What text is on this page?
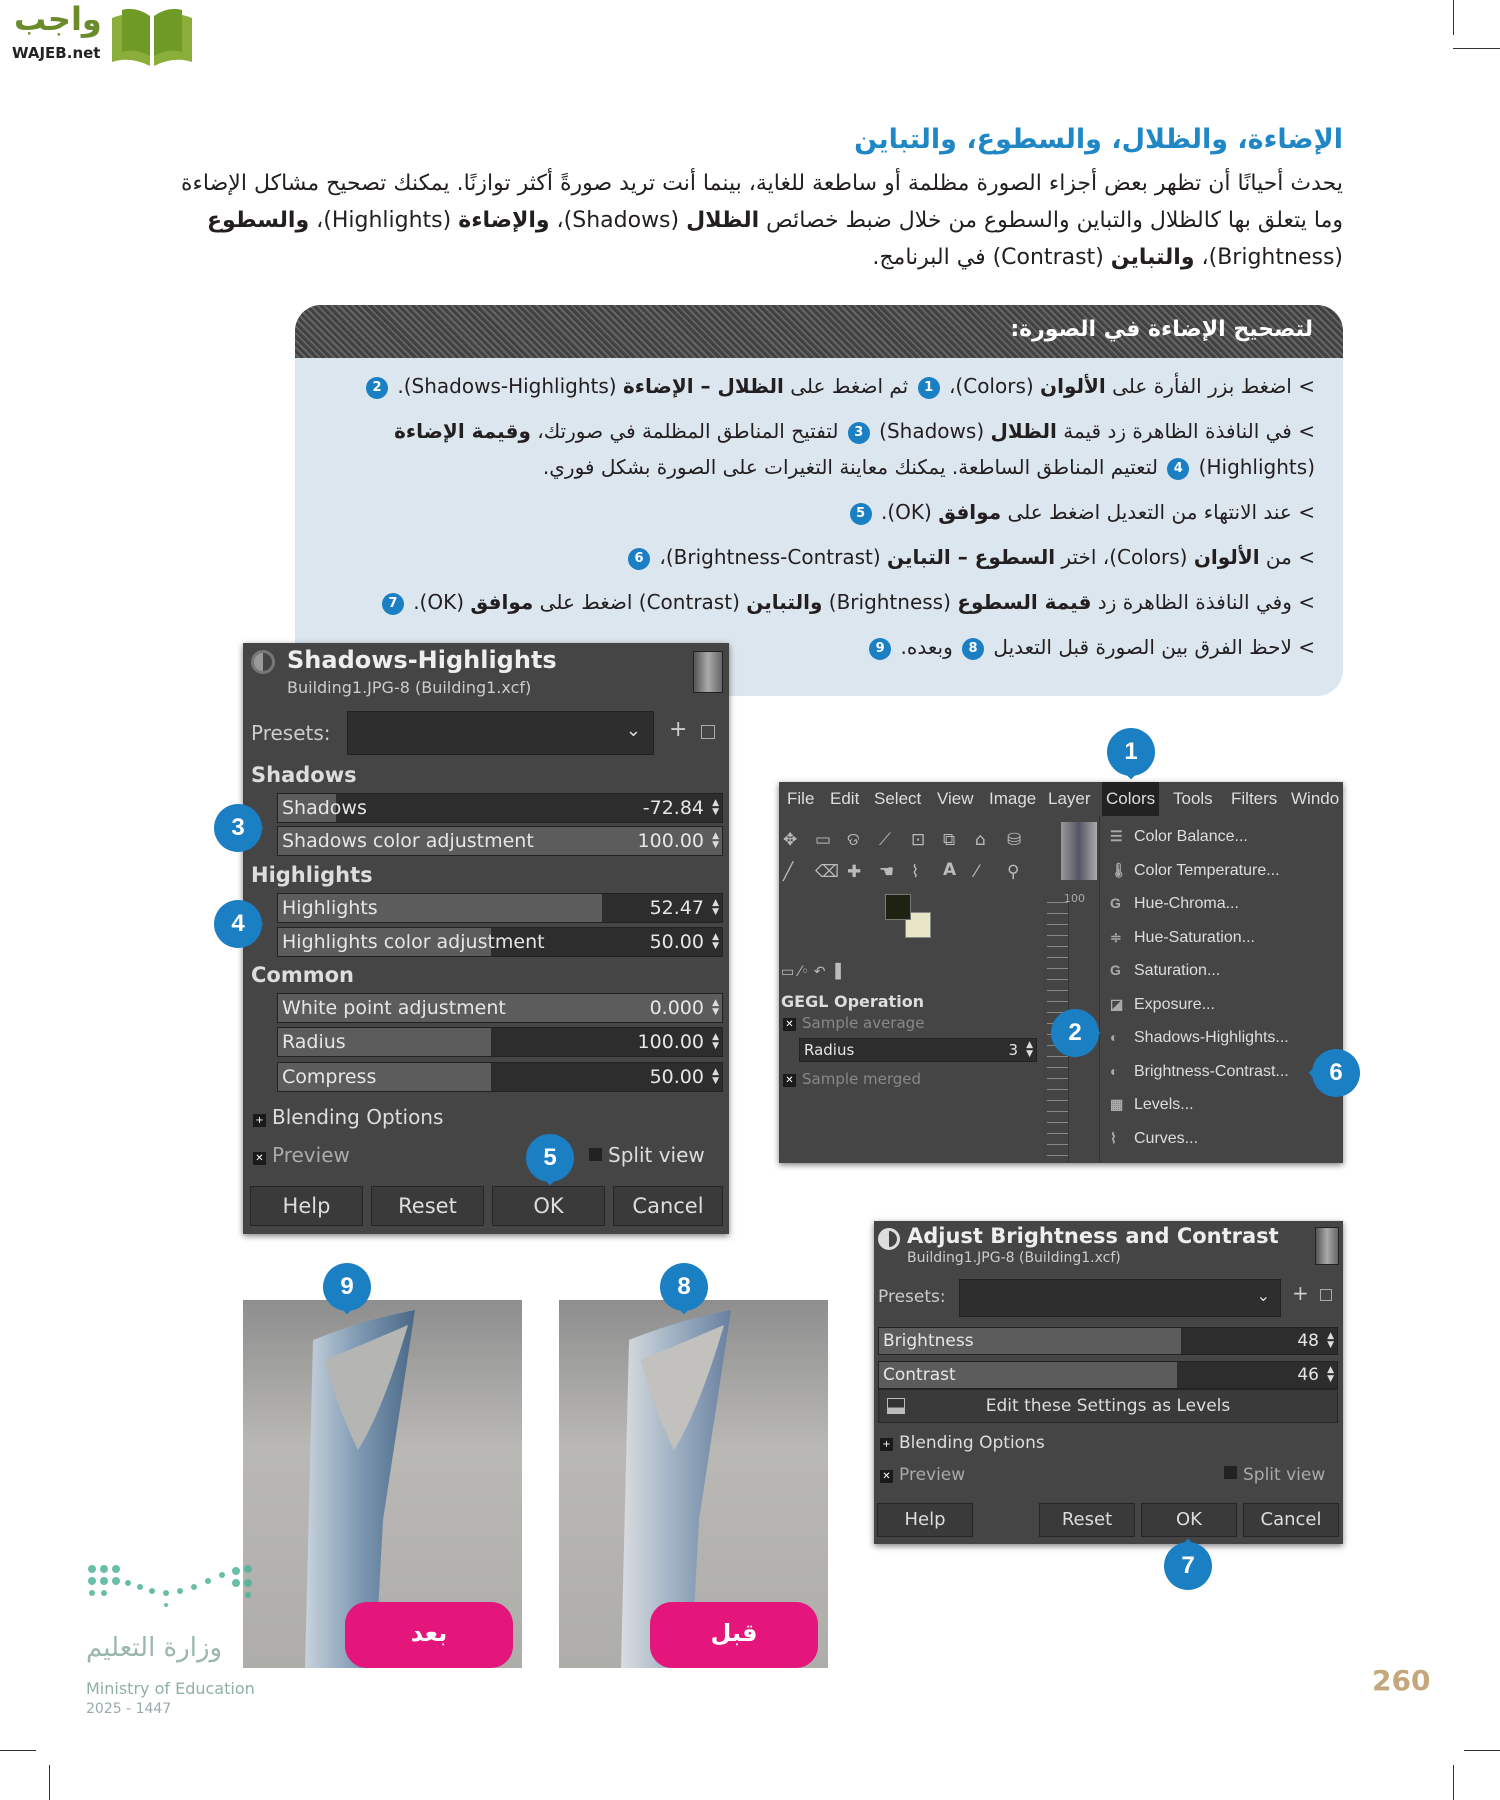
واجب
WAJEB.net
الإضاءة، والظلال، والسطوع، والتباين
يحدث أحيانًا أن تظهر بعض أجزاء الصورة مظلمة أو ساطعة للغاية، بينما أنت تريد صورةً أكثر توازنًا. يمكنك تصحيح مشاكل الإضاءة
وما يتعلق بها كالظلال والتباين والسطوع من خلال ضبط خصائص الظلال (Shadows)، والإضاءة (Highlights)، والسطوع
(Brightness)، والتباين (Contrast) في البرنامج.
لتصحيح الإضاءة في الصورة:
> اضغط بزر الفأرة على الألوان (Colors)، 1 ثم اضغط على الظلال – الإضاءة (Shadows-Highlights). 2
> في النافذة الظاهرة زد قيمة الظلال (Shadows) 3 لتفتيح المناطق المظلمة في صورتك، وقيمة الإضاءة (Highlights) 4 لتعتيم المناطق الساطعة. يمكنك معاينة التغيرات على الصورة بشكل فوري.
> عند الانتهاء من التعديل اضغط على موافق (OK). 5
> من الألوان (Colors)، اختر السطوع – التباين (Brightness-Contrast)، 6
> وفي النافذة الظاهرة زد قيمة السطوع (Brightness) والتباين (Contrast) اضغط على موافق (OK). 7
> لاحظ الفرق بين الصورة قبل التعديل 8 وبعده. 9
Shadows-Highlights
Building1.JPG-8 (Building1.xcf)
Presets:	⌄ +
Shadows
Highlights
Common
+ Blending Options
✕ Preview	Split view
Help	Reset	OK	Cancel
Shadows	-72.84 ▲
▼
Shadows color adjustment	100.00 ▲
▼
Highlights	52.47 ▲
▼
Highlights color adjustment	50.00 ▲
▼
White point adjustment	0.000 ▲
▼
Radius	100.00 ▲
▼
Compress	50.00 ▲
▼
File Edit Select View Image Layer Colors Tools Filters Windo
✥ ▭ ଡ ⟋ ⊡ ⧉ ⌂ ⛁
╱ ⌫ ✚ ☚ ⌇ A ⁄ ⚲
▭ ⁄◦ ↶ ▐
GEGL Operation
✕ Sample average
Radius	3 ▲
▼
✕ Sample merged
100
☰ Color Balance...
🌡 Color Temperature...
G Hue-Chroma...
≑ Hue-Saturation...
G Saturation...
◪ Exposure...
◐ Shadows-Highlights...
◐ Brightness-Contrast...
▦ Levels...
⌇ Curves...
Adjust Brightness and Contrast
Building1.JPG-8 (Building1.xcf)
Presets:	⌄ +
Edit these Settings as Levels
+ Blending Options
✕ Preview	Split view
Help	Reset	OK	Cancel
Brightness	48 ▲
▼
Contrast	46 ▲
▼
بعد	قبل
1
2
3
4
5
6
7
8
9
وزارة التعليم
Ministry of Education
2025 - 1447
260
